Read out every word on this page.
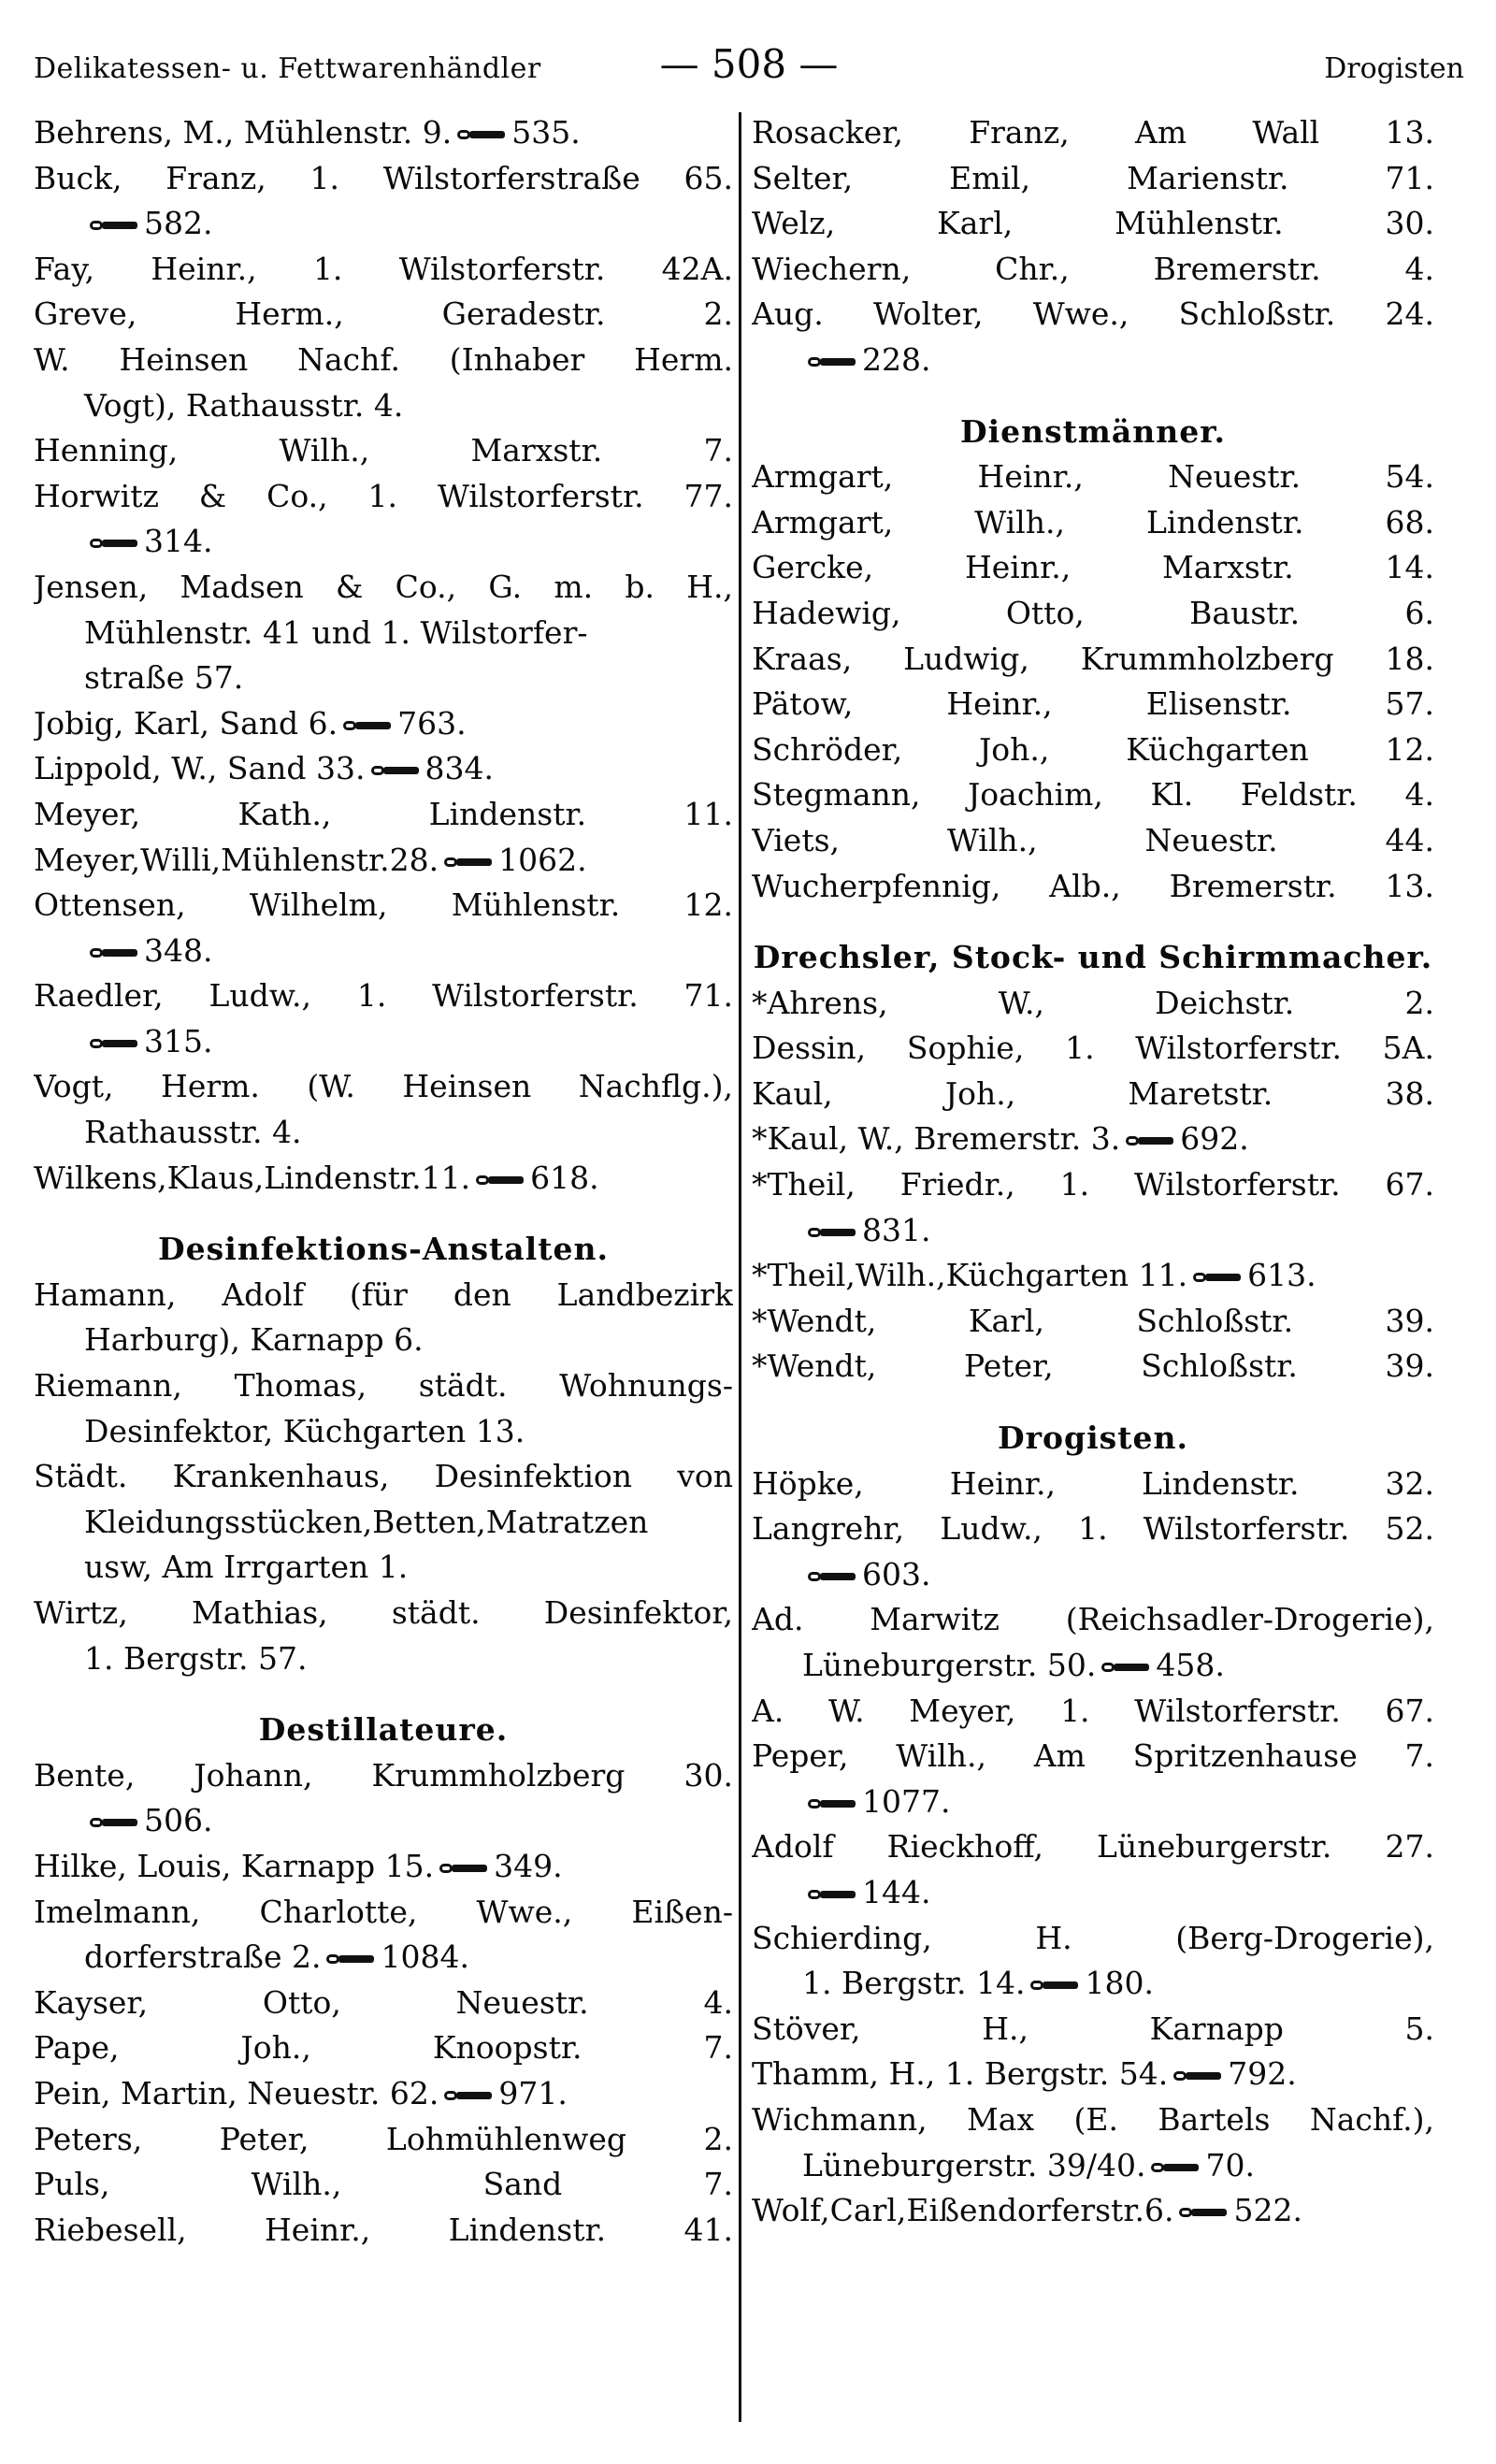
Delikatessen- u. Fettwarenhändler	— 508 —	Drogisten
Behrens, M., Mühlenstr. 9. 535.
Buck, Franz, 1. Wilstorferstraße 65.
582.
Fay, Heinr., 1. Wilstorferstr. 42A.
Greve, Herm., Geradestr. 2.
W. Heinsen Nachf. (Inhaber Herm.
Vogt), Rathausstr. 4.
Henning, Wilh., Marxstr. 7.
Horwitz & Co., 1. Wilstorferstr. 77.
314.
Jensen, Madsen & Co., G. m. b. H.,
Mühlenstr. 41 und 1. Wilstorfer-
straße 57.
Jobig, Karl, Sand 6. 763.
Lippold, W., Sand 33. 834.
Meyer, Kath., Lindenstr. 11.
Meyer,Willi,Mühlenstr.28. 1062.
Ottensen, Wilhelm, Mühlenstr. 12.
348.
Raedler, Ludw., 1. Wilstorferstr. 71.
315.
Vogt, Herm. (W. Heinsen Nachflg.),
Rathausstr. 4.
Wilkens,Klaus,Lindenstr.11. 618.
Desinfektions-Anstalten.
Hamann, Adolf (für den Landbezirk
Harburg), Karnapp 6.
Riemann, Thomas, städt. Wohnungs-
Desinfektor, Küchgarten 13.
Städt. Krankenhaus, Desinfektion von
Kleidungsstücken,Betten,Matratzen
usw, Am Irrgarten 1.
Wirtz, Mathias, städt. Desinfektor,
1. Bergstr. 57.
Destillateure.
Bente, Johann, Krummholzberg 30.
506.
Hilke, Louis, Karnapp 15. 349.
Imelmann, Charlotte, Wwe., Eißen-
dorferstraße 2. 1084.
Kayser, Otto, Neuestr. 4.
Pape, Joh., Knoopstr. 7.
Pein, Martin, Neuestr. 62. 971.
Peters, Peter, Lohmühlenweg 2.
Puls, Wilh., Sand 7.
Riebesell, Heinr., Lindenstr. 41.
Rosacker, Franz, Am Wall 13.
Selter, Emil, Marienstr. 71.
Welz, Karl, Mühlenstr. 30.
Wiechern, Chr., Bremerstr. 4.
Aug. Wolter, Wwe., Schloßstr. 24.
228.
Dienstmänner.
Armgart, Heinr., Neuestr. 54.
Armgart, Wilh., Lindenstr. 68.
Gercke, Heinr., Marxstr. 14.
Hadewig, Otto, Baustr. 6.
Kraas, Ludwig, Krummholzberg 18.
Pätow, Heinr., Elisenstr. 57.
Schröder, Joh., Küchgarten 12.
Stegmann, Joachim, Kl. Feldstr. 4.
Viets, Wilh., Neuestr. 44.
Wucherpfennig, Alb., Bremerstr. 13.
Drechsler, Stock- und Schirmmacher.
*Ahrens, W., Deichstr. 2.
Dessin, Sophie, 1. Wilstorferstr. 5A.
Kaul, Joh., Maretstr. 38.
*Kaul, W., Bremerstr. 3. 692.
*Theil, Friedr., 1. Wilstorferstr. 67.
831.
*Theil,Wilh.,Küchgarten 11. 613.
*Wendt, Karl, Schloßstr. 39.
*Wendt, Peter, Schloßstr. 39.
Drogisten.
Höpke, Heinr., Lindenstr. 32.
Langrehr, Ludw., 1. Wilstorferstr. 52.
603.
Ad. Marwitz (Reichsadler-Drogerie),
Lüneburgerstr. 50. 458.
A. W. Meyer, 1. Wilstorferstr. 67.
Peper, Wilh., Am Spritzenhause 7.
1077.
Adolf Rieckhoff, Lüneburgerstr. 27.
144.
Schierding, H. (Berg-Drogerie),
1. Bergstr. 14. 180.
Stöver, H., Karnapp 5.
Thamm, H., 1. Bergstr. 54. 792.
Wichmann, Max (E. Bartels Nachf.),
Lüneburgerstr. 39/40. 70.
Wolf,Carl,Eißendorferstr.6. 522.
